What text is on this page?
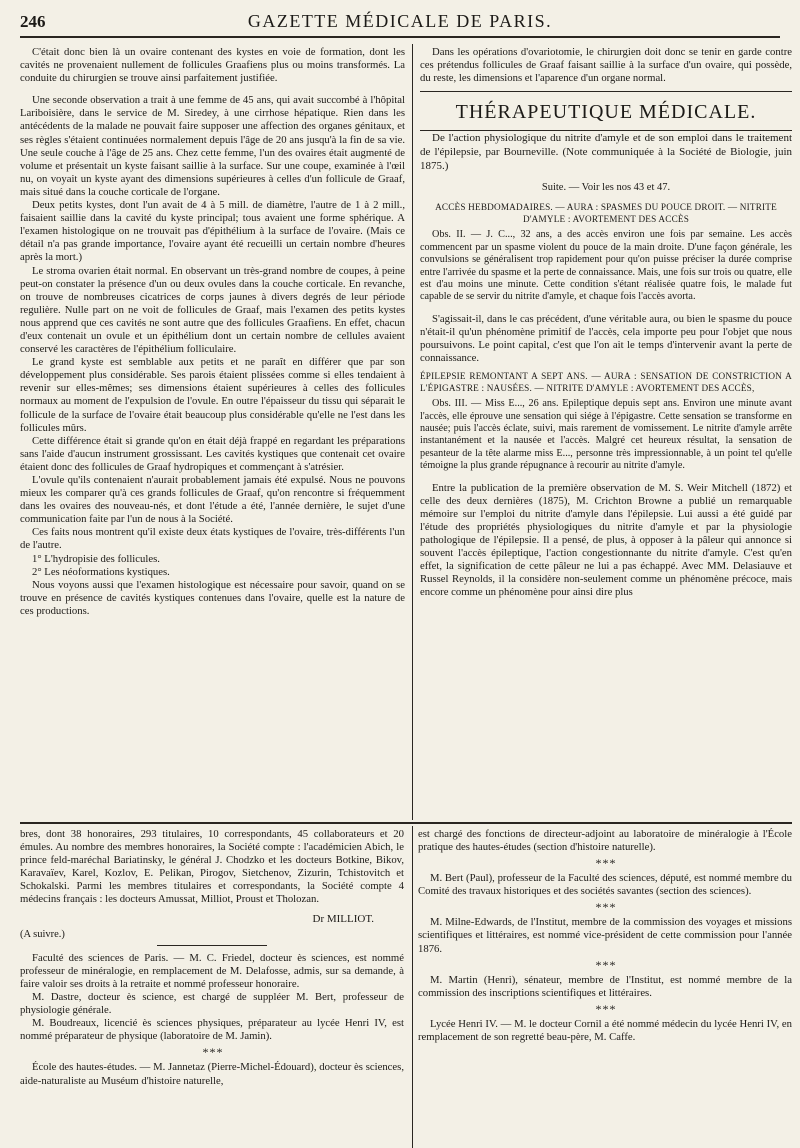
246	GAZETTE MÉDICALE DE PARIS.

C'était donc bien là un ovaire contenant des kystes en voie de formation, dont les cavités ne provenaient nullement de follicules Graafiens plus ou moins transformés. La conduite du chirurgien se trouve ainsi parfaitement justifiée.

Une seconde observation a trait à une femme de 45 ans, qui avait succombé à l'hôpital Lariboisière, dans le service de M. Siredey, à une cirrhose hépatique. Rien dans les antécédents de la malade ne pouvait faire supposer une affection des organes génitaux, et ses règles s'étaient continuées normalement depuis l'âge de 20 ans jusqu'à la fin de sa vie. Une seule couche à l'âge de 25 ans. Chez cette femme, l'un des ovaires était augmenté de volume et présentait un kyste faisant saillie à la surface. Sur une coupe, examinée à l'œil nu, on voyait un kyste ayant des dimensions supérieures à celles d'un follicule de Graaf, mais situé dans la couche corticale de l'organe.

Deux petits kystes, dont l'un avait de 4 à 5 mill. de diamètre, l'autre de 1 à 2 mill., faisaient saillie dans la cavité du kyste principal; tous avaient une forme sphérique. A l'examen histologique on ne trouvait pas d'épithélium à la surface de l'ovaire. (Mais ce détail n'a pas grande importance, l'ovaire ayant été recueilli un certain nombre d'heures après la mort.)

Le stroma ovarien était normal. En observant un très-grand nombre de coupes, à peine peut-on constater la présence d'un ou deux ovules dans la couche corticale. En revanche, on trouve de nombreuses cicatrices de corps jaunes à divers degrés de leur période regulière. Nulle part on ne voit de follicules de Graaf, mais l'examen des petits kystes nous apprend que ces cavités ne sont autre que des follicules Graafiens. En effet, chacun d'eux contenait un ovule et un épithélium dont un certain nombre de cellules avaient conservé les caractères de l'épithélium folliculaire.

Le grand kyste est semblable aux petits et ne paraît en différer que par son développement plus considérable. Ses parois étaient plissées comme si elles tendaient à revenir sur elles-mêmes; ses dimensions étaient supérieures à celles des follicules normaux au moment de l'expulsion de l'ovule. En outre l'épaisseur du tissu qui séparait le follicule de la surface de l'ovaire était beaucoup plus considérable qu'elle ne l'est dans les follicules mûrs.

Cette différence était si grande qu'on en était déjà frappé en regardant les préparations sans l'aide d'aucun instrument grossissant. Les cavités kystiques que contenait cet ovaire étaient donc des follicules de Graaf hydropiques et commençant à s'atrésier.

L'ovule qu'ils contenaient n'aurait probablement jamais été expulsé. Nous ne pouvons mieux les comparer qu'à ces grands follicules de Graaf, qu'on rencontre si fréquemment dans les ovaires des nouveau-nés, et dont l'étude a été, l'année dernière, le sujet d'une communication faite par l'un de nous à la Société.

Ces faits nous montrent qu'il existe deux états kystiques de l'ovaire, très-différents l'un de l'autre.

1° L'hydropisie des follicules.

2° Les néoformations kystiques.

Nous voyons aussi que l'examen histologique est nécessaire pour savoir, quand on se trouve en présence de cavités kystiques contenues dans l'ovaire, quelle est la nature de ces productions.

Dans les opérations d'ovariotomie, le chirurgien doit donc se tenir en garde contre ces prétendus follicules de Graaf faisant saillie à la surface d'un ovaire, qui possède, du reste, les dimensions et l'aparence d'un organe normal.

THÉRAPEUTIQUE MÉDICALE.

De l'action physiologique du nitrite d'amyle et de son emploi dans le traitement de l'épilepsie, par Bourneville. (Note communiquée à la Société de Biologie, juin 1875.)

Suite. — Voir les nos 43 et 47.
ACCÈS HEBDOMADAIRES. — AURA : SPASMES DU POUCE DROIT. — NITRITE D'AMYLE : AVORTEMENT DES ACCÈS

Obs. II. — J. C..., 32 ans, a des accès environ une fois par semaine. Les accès commencent par un spasme violent du pouce de la main droite. D'une façon générale, les convulsions se généralisent trop rapidement pour qu'on puisse préciser la durée comprise entre l'arrivée du spasme et la perte de connaissance. Mais, une fois sur trois ou quatre, elle est d'au moins une minute. Cette condition s'étant réalisée quatre fois, le malade fut capable de se servir du nitrite d'amyle, et chaque fois l'accès avorta.

S'agissait-il, dans le cas précédent, d'une véritable aura, ou bien le spasme du pouce n'était-il qu'un phénomène primitif de l'accès, cela importe peu pour l'objet que nous poursuivons. Le point capital, c'est que l'on ait le temps d'intervenir avant la perte de connaissance.

ÉPILEPSIE REMONTANT A SEPT ANS. — AURA : SENSATION DE CONSTRICTION A L'ÉPIGASTRE : NAUSÉES. — NITRITE D'AMYLE : AVORTEMENT DES ACCÈS,

Obs. III. — Miss E..., 26 ans. Epileptique depuis sept ans. Environ une minute avant l'accès, elle éprouve une sensation qui siége à l'épigastre. Cette sensation se transforme en nausée; puis l'accès éclate, suivi, mais rarement de vomissement. Le nitrite d'amyle arrête instantanément et la nausée et l'accès. Malgré cet heureux résultat, la sensation de pesanteur de la tête alarme miss E..., personne très impressionnable, à un point tel qu'elle témoigne la plus grande répugnance à recourir au nitrite d'amyle.

Entre la publication de la première observation de M. S. Weir Mitchell (1872) et celle des deux dernières (1875), M. Crichton Browne a publié un remarquable mémoire sur l'emploi du nitrite d'amyle dans l'épilepsie. Lui aussi a été guidé par l'étude des propriétés physiologiques du nitrite d'amyle et par la physiologie pathologique de l'épilepsie. Il a pensé, de plus, à opposer à la pâleur qui annonce si souvent l'accès épileptique, l'action congestionnante du nitrite d'amyle. C'est qu'en effet, la signification de cette pâleur ne lui a pas échappé. Avec MM. Delasiauve et Russel Reynolds, il la considère non-seulement comme un phénomène précoce, mais encore comme un phénomène pour ainsi dire plus

bres, dont 38 honoraires, 293 titulaires, 10 correspondants, 45 collaborateurs et 20 émules. Au nombre des membres honoraires, la Société compte : l'académicien Abich, le prince feld-maréchal Bariatinsky, le général J. Chodzko et les docteurs Botkine, Bikov, Karavaïev, Karel, Kozlov, E. Pelikan, Pirogov, Sietchenov, Zizurin, Tchistovitch et Schokalski. Parmi les membres titulaires et correspondants, la Société compte 4 médecins français : les docteurs Amussat, Milliot, Proust et Tholozan.

Dr MILLIOT.
(A suivre.)

Faculté des sciences de Paris. — M. C. Friedel, docteur ès sciences, est nommé professeur de minéralogie, en remplacement de M. Delafosse, admis, sur sa demande, à faire valoir ses droits à la retraite et nommé professeur honoraire.

M. Dastre, docteur ès science, est chargé de suppléer M. Bert, professeur de physiologie générale.

M. Boudreaux, licencié ès sciences physiques, préparateur au lycée Henri IV, est nommé préparateur de physique (laboratoire de M. Jamin).

* * *

École des hautes-études. — M. Jannetaz (Pierre-Michel-Édouard), docteur ès sciences, aide-naturaliste au Muséum d'histoire naturelle,

est chargé des fonctions de directeur-adjoint au laboratoire de minéralogie à l'École pratique des hautes-études (section d'histoire naturelle).

* * *

M. Bert (Paul), professeur de la Faculté des sciences, député, est nommé membre du Comité des travaux historiques et des sociétés savantes (section des sciences).

* * *

M. Milne-Edwards, de l'Institut, membre de la commission des voyages et missions scientifiques et littéraires, est nommé vice-président de cette commission pour l'année 1876.

* * *

M. Martin (Henri), sénateur, membre de l'Institut, est nommé membre de la commission des inscriptions scientifiques et littéraires.

* * *

Lycée Henri IV. — M. le docteur Cornil a été nommé médecin du lycée Henri IV, en remplacement de son regretté beau-père, M. Caffe.
